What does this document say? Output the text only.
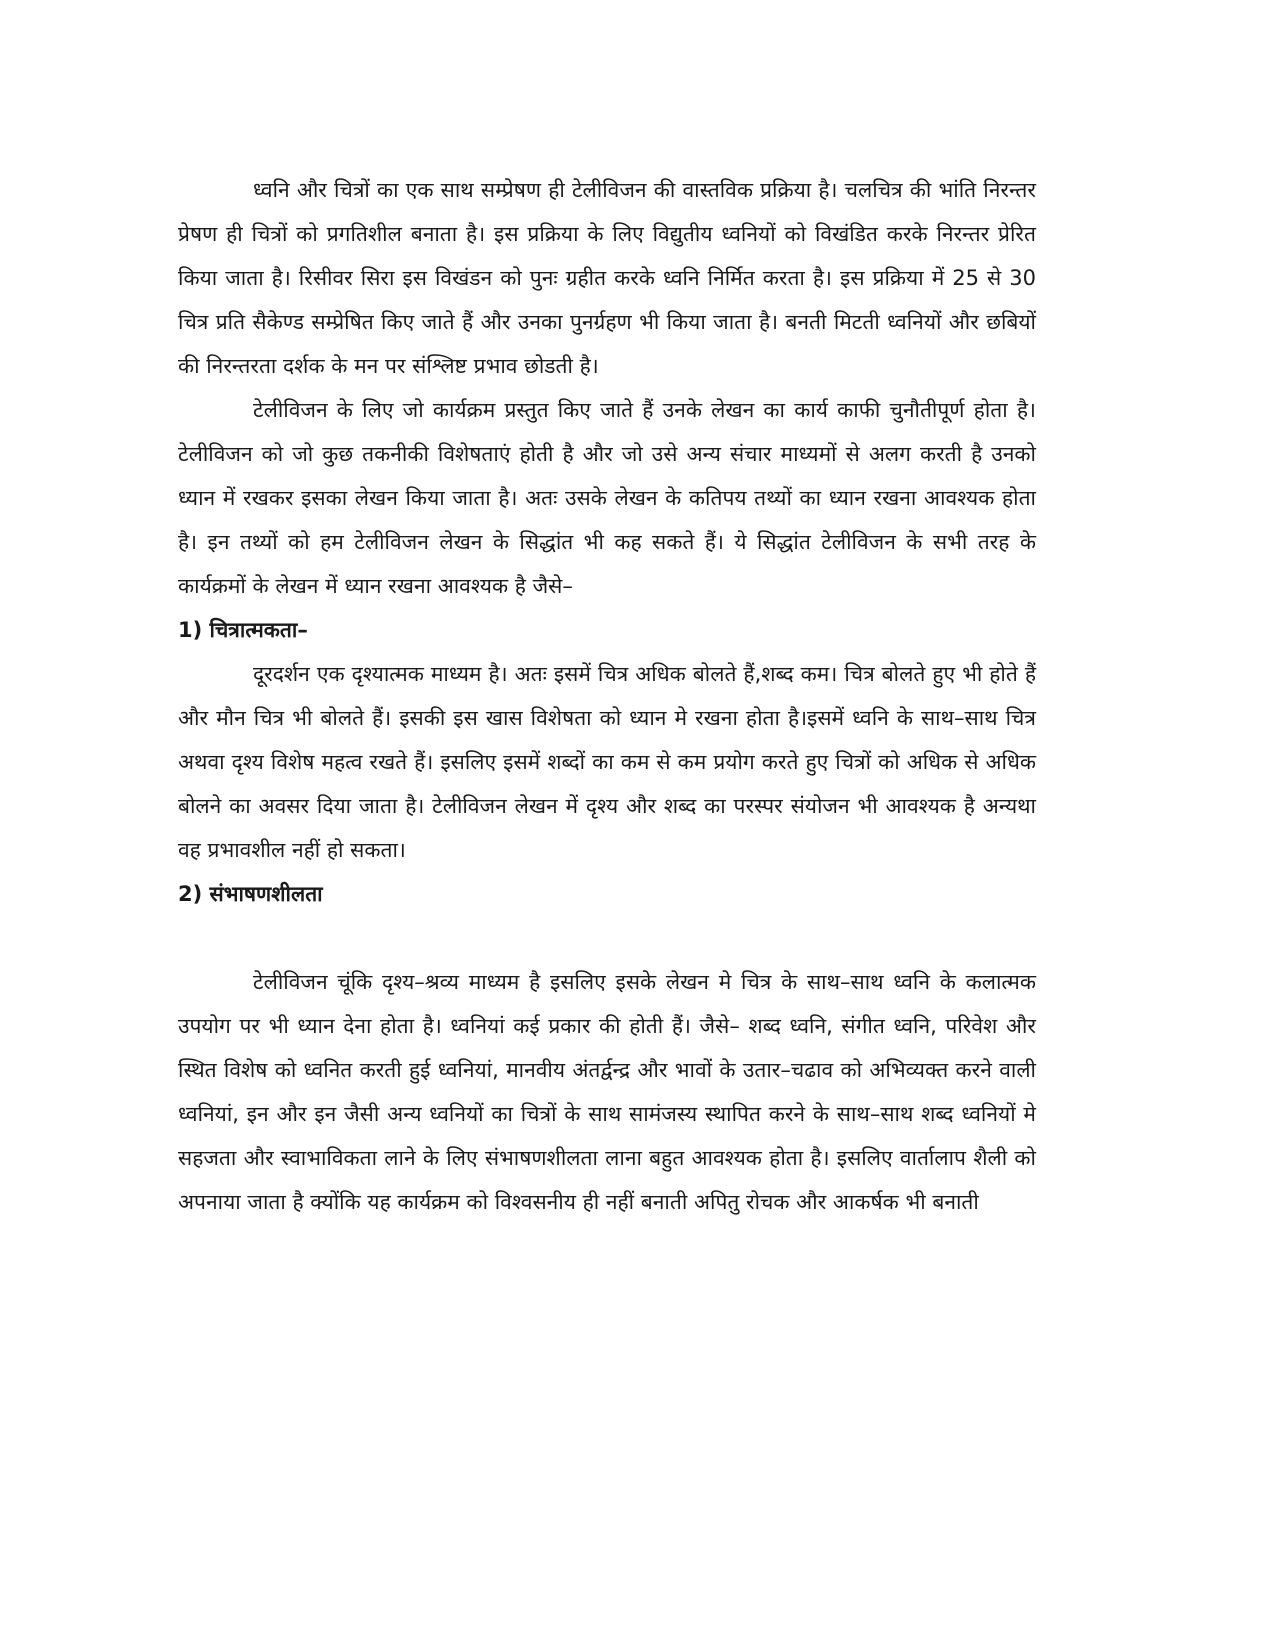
ध्वनि और चित्रों का एक साथ सम्प्रेषण ही टेलीविजन की वास्तविक प्रक्रिया है। चलचित्र की भांति निरन्तर प्रेषण ही चित्रों को प्रगतिशील बनाता है। इस प्रक्रिया के लिए विद्युतीय ध्वनियों को विखंडित करके निरन्तर प्रेरित किया जाता है। रिसीवर सिरा इस विखंडन को पुनः ग्रहीत करके ध्वनि निर्मित करता है। इस प्रक्रिया में 25 से 30 चित्र प्रति सैकेण्ड सम्प्रेषित किए जाते हैं और उनका पुनर्ग्रहण भी किया जाता है। बनती मिटती ध्वनियों और छबियों की निरन्तरता दर्शक के मन पर संश्लिष्ट प्रभाव छोडती है।

टेलीविजन के लिए जो कार्यक्रम प्रस्तुत किए जाते हैं उनके लेखन का कार्य काफी चुनौतीपूर्ण होता है। टेलीविजन को जो कुछ तकनीकी विशेषताएं होती है और जो उसे अन्य संचार माध्यमों से अलग करती है उनको ध्यान में रखकर इसका लेखन किया जाता है। अतः उसके लेखन के कतिपय तथ्यों का ध्यान रखना आवश्यक होता है। इन तथ्यों को हम टेलीविजन लेखन के सिद्धांत भी कह सकते हैं। ये सिद्धांत टेलीविजन के सभी तरह के कार्यक्रमों के लेखन में ध्यान रखना आवश्यक है जैसे–

1) चित्रात्मकता–

दूरदर्शन एक दृश्यात्मक माध्यम है। अतः इसमें चित्र अधिक बोलते हैं,शब्द कम। चित्र बोलते हुए भी होते हैं और मौन चित्र भी बोलते हैं। इसकी इस खास विशेषता को ध्यान मे रखना होता है।इसमें ध्वनि के साथ–साथ चित्र अथवा दृश्य विशेष महत्व रखते हैं। इसलिए इसमें शब्दों का कम से कम प्रयोग करते हुए चित्रों को अधिक से अधिक बोलने का अवसर दिया जाता है। टेलीविजन लेखन में दृश्य और शब्द का परस्पर संयोजन भी आवश्यक है अन्यथा वह प्रभावशील नहीं हो सकता।

2) संभाषणशीलता

टेलीविजन चूंकि दृश्य–श्रव्य माध्यम है इसलिए इसके लेखन मे चित्र के साथ–साथ ध्वनि के कलात्मक उपयोग पर भी ध्यान देना होता है। ध्वनियां कई प्रकार की होती हैं। जैसे– शब्द ध्वनि, संगीत ध्वनि, परिवेश और स्थित विशेष को ध्वनित करती हुई ध्वनियां, मानवीय अंतर्द्वन्द्र और भावों के उतार–चढाव को अभिव्यक्त करने वाली ध्वनियां, इन और इन जैसी अन्य ध्वनियों का चित्रों के साथ सामंजस्य स्थापित करने के साथ–साथ शब्द ध्वनियों मे सहजता और स्वाभाविकता लाने के लिए संभाषणशीलता लाना बहुत आवश्यक होता है। इसलिए वार्तालाप शैली को अपनाया जाता है क्योंकि यह कार्यक्रम को विश्वसनीय ही नहीं बनाती अपितु रोचक और आकर्षक भी बनाती
